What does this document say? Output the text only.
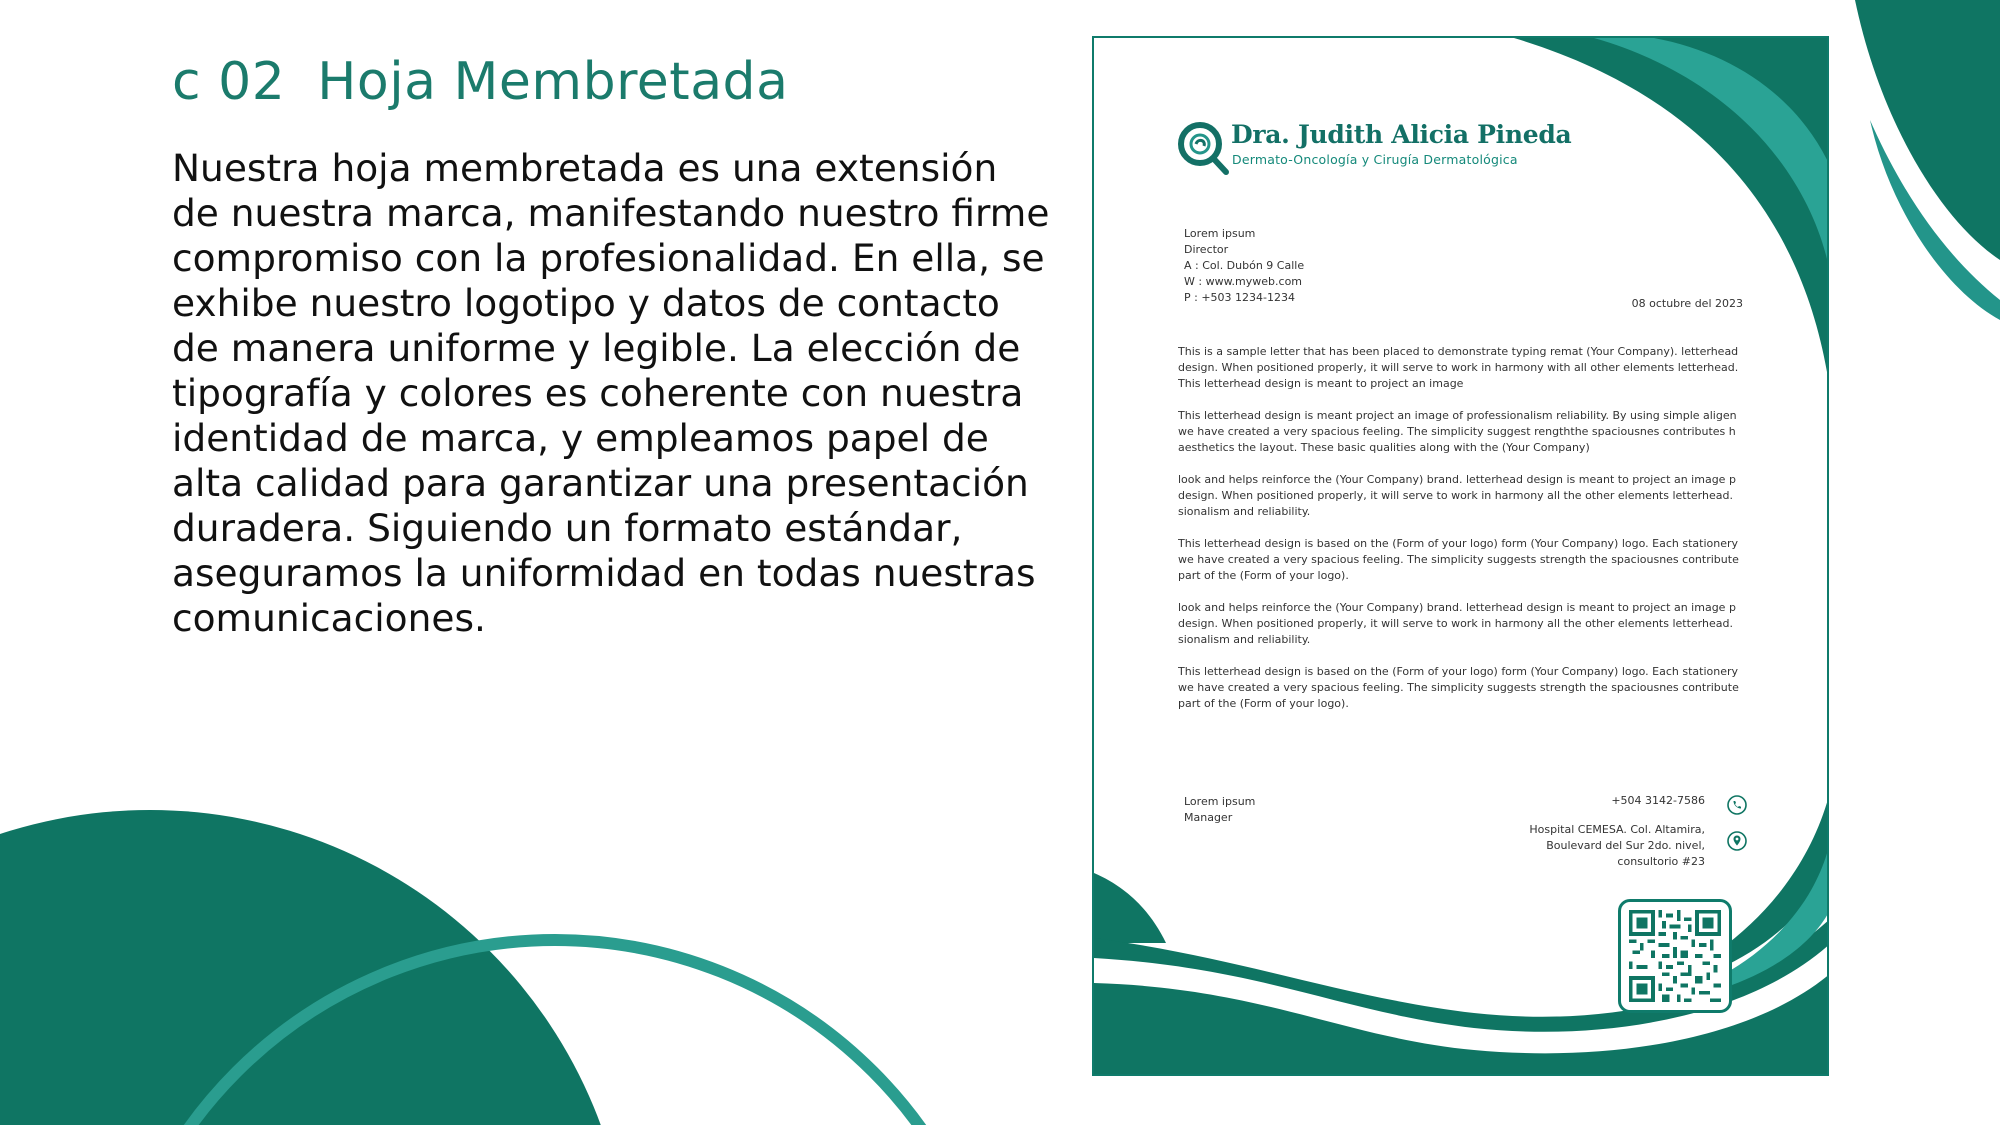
c 02 Hoja Membretada
Nuestra hoja membretada es una extensión
de nuestra marca, manifestando nuestro firme
compromiso con la profesionalidad. En ella, se
exhibe nuestro logotipo y datos de contacto
de manera uniforme y legible. La elección de
tipografía y colores es coherente con nuestra
identidad de marca, y empleamos papel de
alta calidad para garantizar una presentación
duradera. Siguiendo un formato estándar,
aseguramos la uniformidad en todas nuestras
comunicaciones.
Dra. Judith Alicia Pineda
Dermato-Oncología y Cirugía Dermatológica
Lorem ipsum
Director
A : Col. Dubón 9 Calle
W : www.myweb.com
P : +503 1234-1234	08 octubre del 2023
This is a sample letter that has been placed to demonstrate typing remat (Your Company). letterhead
design. When positioned properly, it will serve to work in harmony with all other elements letterhead.
This letterhead design is meant to project an image
This letterhead design is meant project an image of professionalism reliability. By using simple aligen
we have created a very spacious feeling. The simplicity suggest rengththe spaciousnes contributes h
aesthetics the layout. These basic qualities along with the (Your Company)
look and helps reinforce the (Your Company) brand. letterhead design is meant to project an image p
design. When positioned properly, it will serve to work in harmony all the other elements letterhead.
sionalism and reliability.
This letterhead design is based on the (Form of your logo) form (Your Company) logo. Each stationery
we have created a very spacious feeling. The simplicity suggests strength the spaciousnes contribute
part of the (Form of your logo).
look and helps reinforce the (Your Company) brand. letterhead design is meant to project an image p
design. When positioned properly, it will serve to work in harmony all the other elements letterhead.
sionalism and reliability.
This letterhead design is based on the (Form of your logo) form (Your Company) logo. Each stationery
we have created a very spacious feeling. The simplicity suggests strength the spaciousnes contribute
part of the (Form of your logo).
Lorem ipsum
Manager
+504 3142-7586
Hospital CEMESA. Col. Altamira,
Boulevard del Sur 2do. nivel,
consultorio #23
